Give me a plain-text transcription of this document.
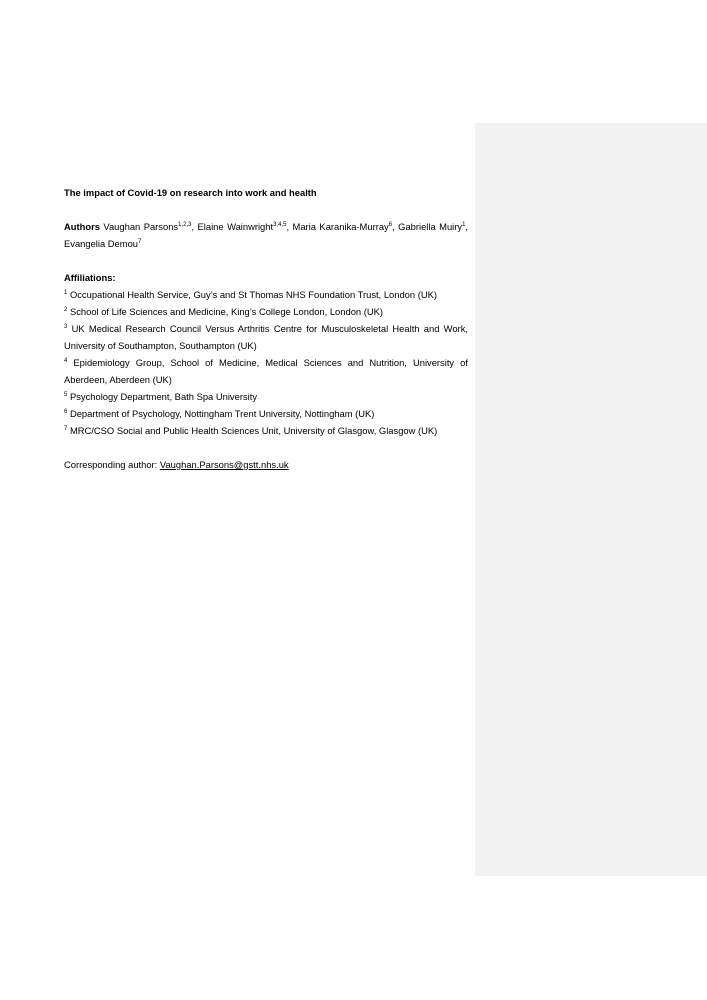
The impact of Covid-19 on research into work and health
Authors Vaughan Parsons$^{1,2,3}$, Elaine Wainwright$^{3,4,5}$, Maria Karanika-Murray$^6$, Gabriella Muiry$^1$, Evangelia Demou$^7$
Affiliations:
$^1$ Occupational Health Service, Guy’s and St Thomas NHS Foundation Trust, London (UK)
$^2$ School of Life Sciences and Medicine, King’s College London, London (UK)
$^3$ UK Medical Research Council Versus Arthritis Centre for Musculoskeletal Health and Work, University of Southampton, Southampton (UK)
$^4$ Epidemiology Group, School of Medicine, Medical Sciences and Nutrition, University of Aberdeen, Aberdeen (UK)
$^5$ Psychology Department, Bath Spa University
$^6$ Department of Psychology, Nottingham Trent University, Nottingham (UK)
$^7$ MRC/CSO Social and Public Health Sciences Unit, University of Glasgow, Glasgow (UK)
Corresponding author: Vaughan.Parsons@gstt.nhs.uk
